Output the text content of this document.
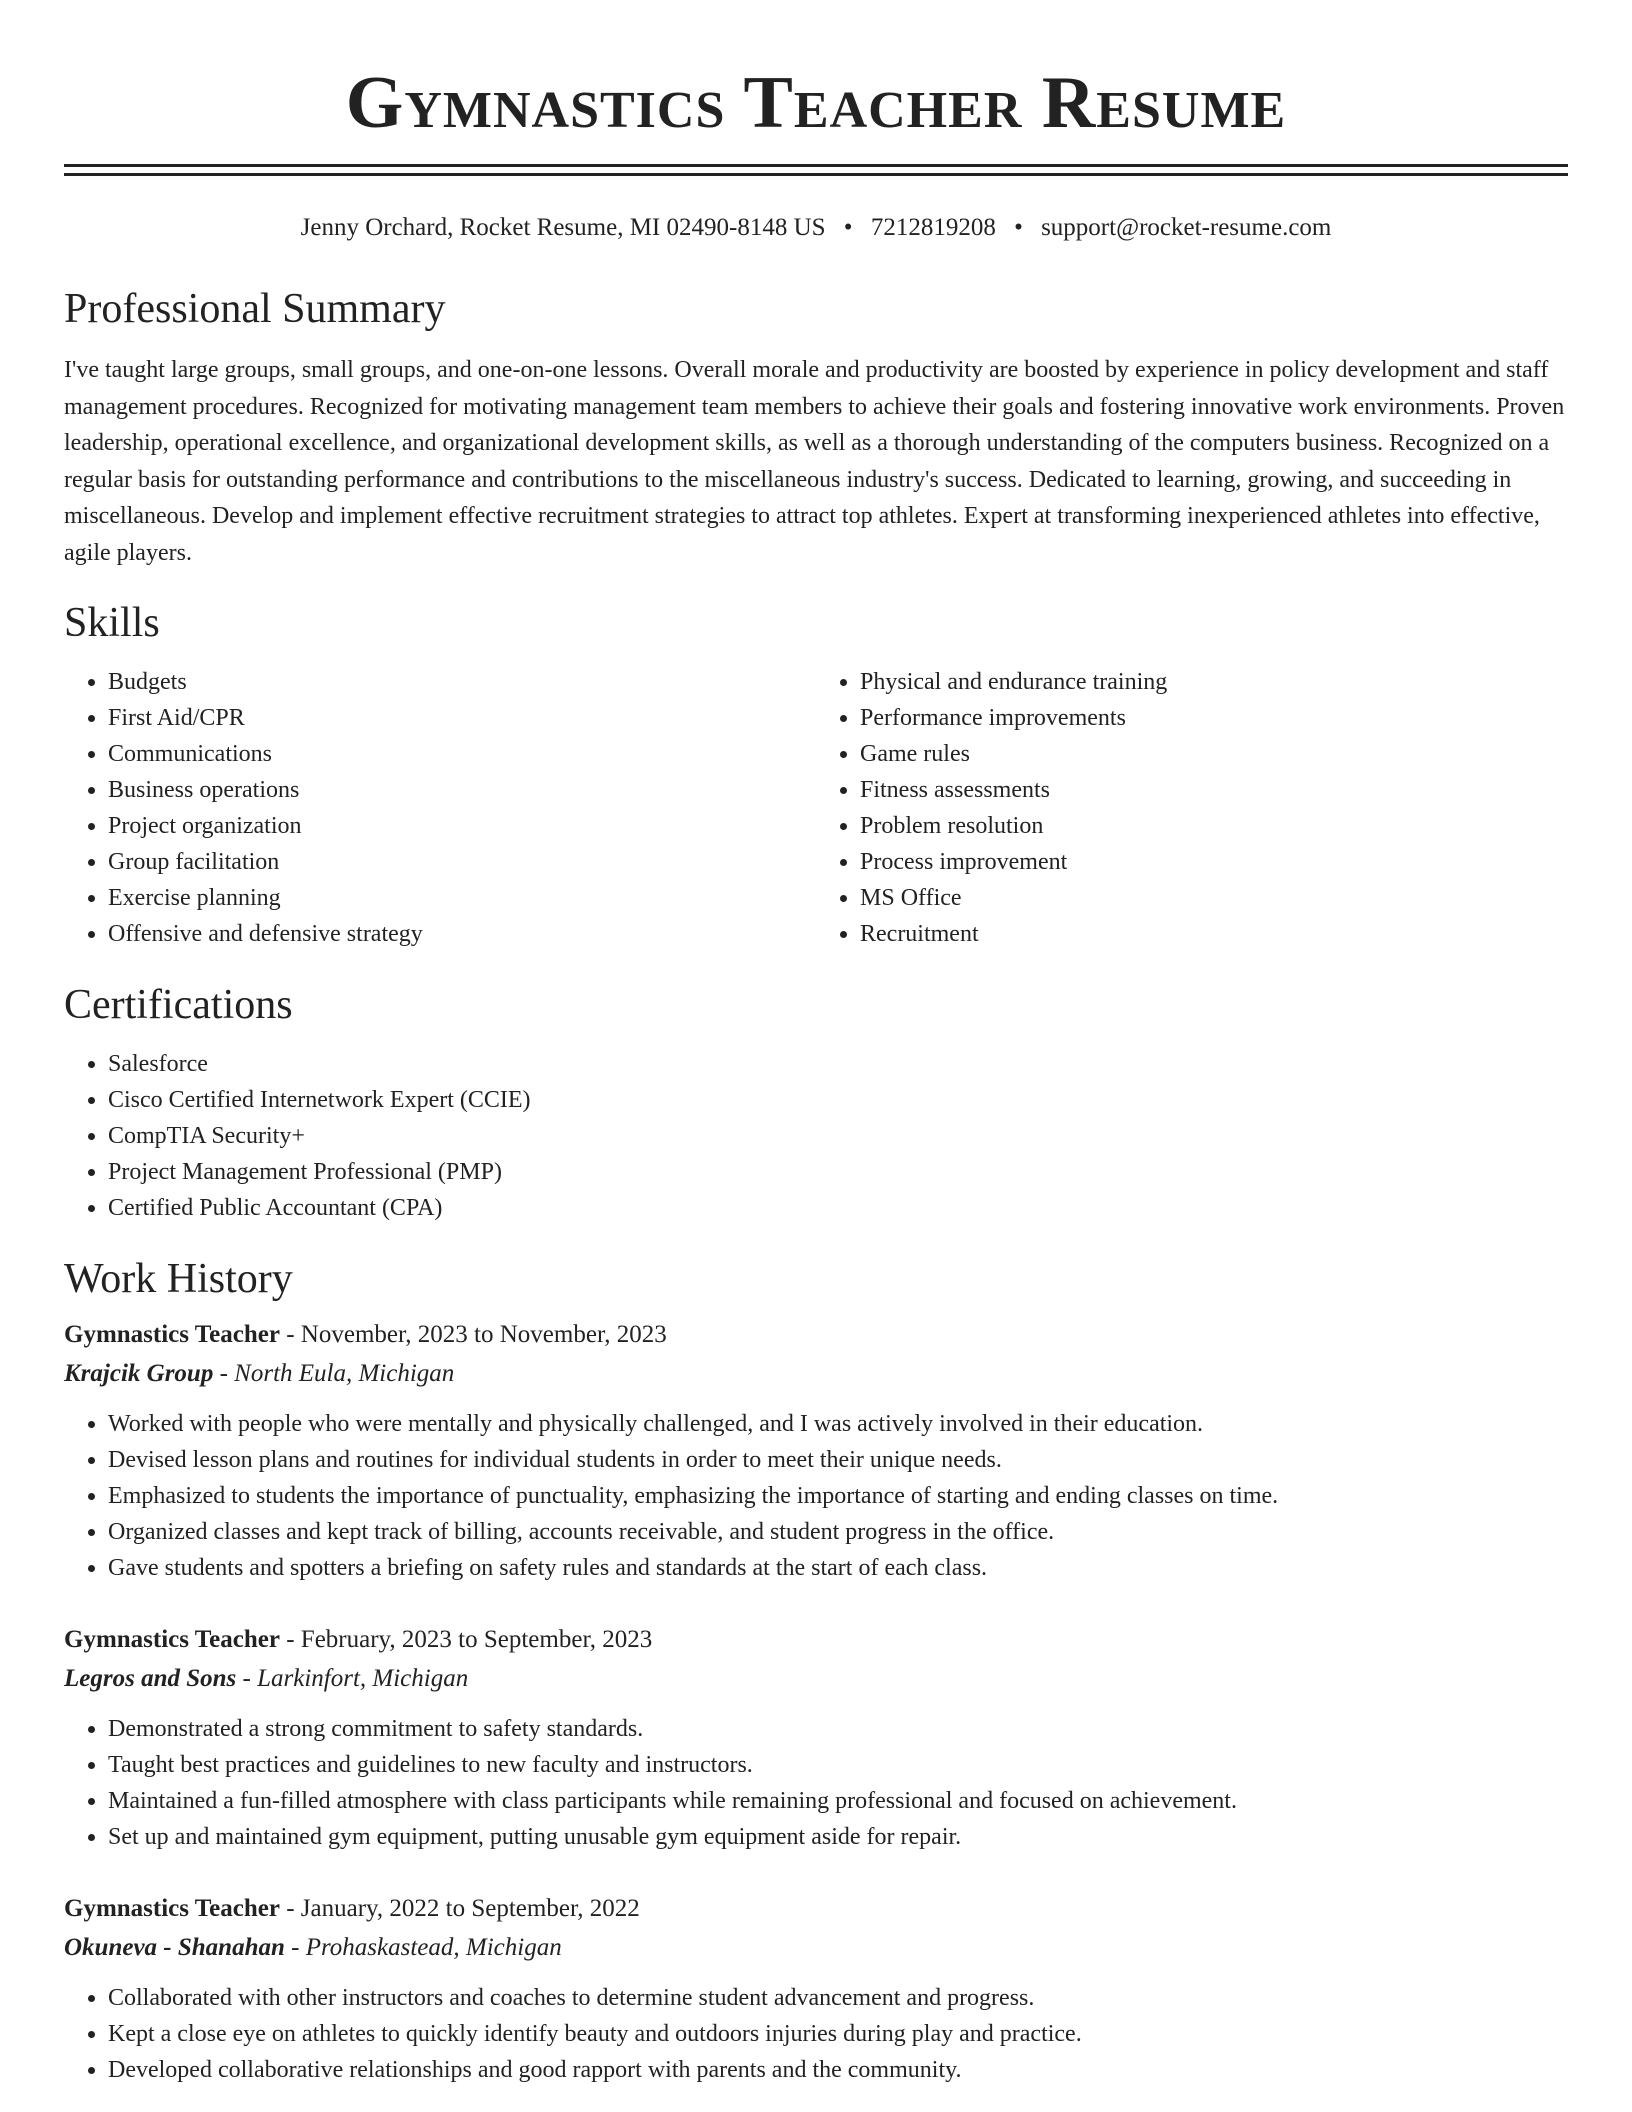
Gymnastics Teacher Resume
Jenny Orchard, Rocket Resume, MI 02490-8148 US • 7212819208 • support@rocket-resume.com
Professional Summary

I've taught large groups, small groups, and one-on-one lessons. Overall morale and productivity are boosted by experience in policy development and staff management procedures. Recognized for motivating management team members to achieve their goals and fostering innovative work environments. Proven leadership, operational excellence, and organizational development skills, as well as a thorough understanding of the computers business. Recognized on a regular basis for outstanding performance and contributions to the miscellaneous industry's success. Dedicated to learning, growing, and succeeding in miscellaneous. Develop and implement effective recruitment strategies to attract top athletes. Expert at transforming inexperienced athletes into effective, agile players.

Skills
• Budgets
• First Aid/CPR
• Communications
• Business operations
• Project organization
• Group facilitation
• Exercise planning
• Offensive and defensive strategy
• Physical and endurance training
• Performance improvements
• Game rules
• Fitness assessments
• Problem resolution
• Process improvement
• MS Office
• Recruitment
Certifications
• Salesforce
• Cisco Certified Internetwork Expert (CCIE)
• CompTIA Security+
• Project Management Professional (PMP)
• Certified Public Accountant (CPA)
Work History
Gymnastics Teacher - November, 2023 to November, 2023
Krajcik Group - North Eula, Michigan
• Worked with people who were mentally and physically challenged, and I was actively involved in their education.
• Devised lesson plans and routines for individual students in order to meet their unique needs.
• Emphasized to students the importance of punctuality, emphasizing the importance of starting and ending classes on time.
• Organized classes and kept track of billing, accounts receivable, and student progress in the office.
• Gave students and spotters a briefing on safety rules and standards at the start of each class.
Gymnastics Teacher - February, 2023 to September, 2023
Legros and Sons - Larkinfort, Michigan
• Demonstrated a strong commitment to safety standards.
• Taught best practices and guidelines to new faculty and instructors.
• Maintained a fun-filled atmosphere with class participants while remaining professional and focused on achievement.
• Set up and maintained gym equipment, putting unusable gym equipment aside for repair.
Gymnastics Teacher - January, 2022 to September, 2022
Okuneva - Shanahan - Prohaskastead, Michigan
• Collaborated with other instructors and coaches to determine student advancement and progress.
• Kept a close eye on athletes to quickly identify beauty and outdoors injuries during play and practice.
• Developed collaborative relationships and good rapport with parents and the community.
